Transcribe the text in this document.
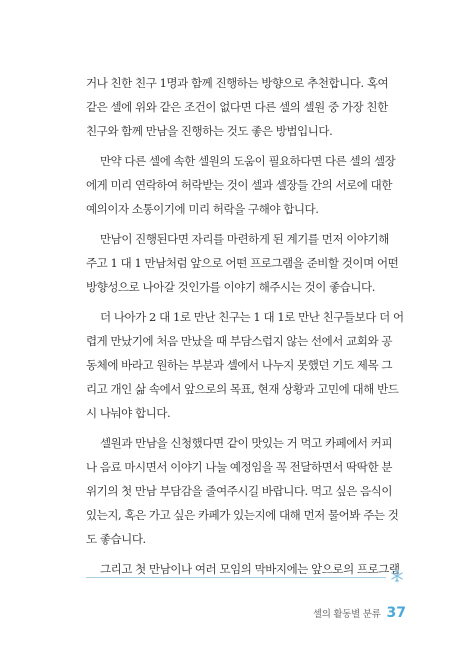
거나 친한 친구 1명과 함께 진행하는 방향으로 추천합니다. 혹여
같은 셀에 위와 같은 조건이 없다면 다른 셀의 셀원 중 가장 친한
친구와 함께 만남을 진행하는 것도 좋은 방법입니다.
만약 다른 셀에 속한 셀원의 도움이 필요하다면 다른 셀의 셀장
에게 미리 연락하여 허락받는 것이 셀과 셀장들 간의 서로에 대한
예의이자 소통이기에 미리 허락을 구해야 합니다.
만남이 진행된다면 자리를 마련하게 된 계기를 먼저 이야기해
주고 1 대 1 만남처럼 앞으로 어떤 프로그램을 준비할 것이며 어떤
방향성으로 나아갈 것인가를 이야기 해주시는 것이 좋습니다.
더 나아가 2 대 1로 만난 친구는 1 대 1로 만난 친구들보다 더 어
렵게 만났기에 처음 만났을 때 부담스럽지 않는 선에서 교회와 공
동체에 바라고 원하는 부분과 셀에서 나누지 못했던 기도 제목 그
리고 개인 삶 속에서 앞으로의 목표, 현재 상황과 고민에 대해 반드
시 나눠야 합니다.
셀원과 만남을 신청했다면 같이 맛있는 거 먹고 카페에서 커피
나 음료 마시면서 이야기 나눌 예정임을 꼭 전달하면서 딱딱한 분
위기의 첫 만남 부담감을 줄여주시길 바랍니다. 먹고 싶은 음식이
있는지, 혹은 가고 싶은 카페가 있는지에 대해 먼저 물어봐 주는 것
도 좋습니다.
그리고 첫 만남이나 여러 모임의 막바지에는 앞으로의 프로그램
셀의 활동별 분류 37
